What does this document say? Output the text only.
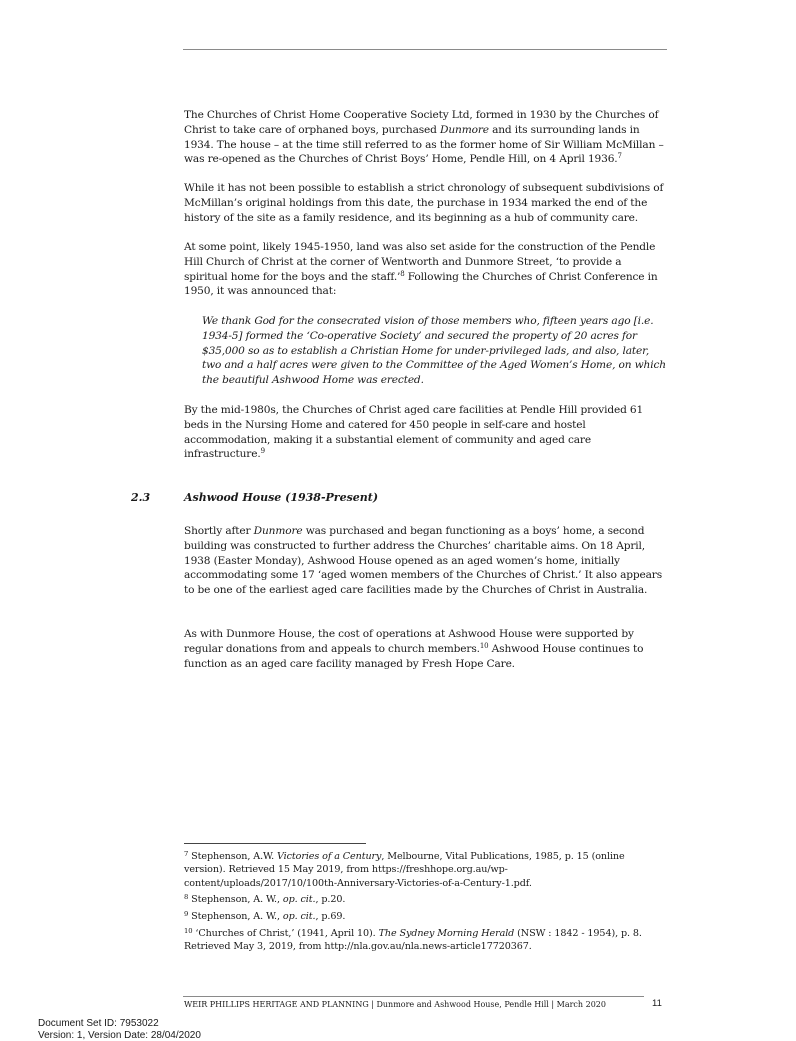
The Churches of Christ Home Cooperative Society Ltd, formed in 1930 by the Churches of Christ to take care of orphaned boys, purchased Dunmore and its surrounding lands in 1934. The house – at the time still referred to as the former home of Sir William McMillan – was re-opened as the Churches of Christ Boys’ Home, Pendle Hill, on 4 April 1936.$^7$

While it has not been possible to establish a strict chronology of subsequent subdivisions of McMillan’s original holdings from this date, the purchase in 1934 marked the end of the history of the site as a family residence, and its beginning as a hub of community care.

At some point, likely 1945-1950, land was also set aside for the construction of the Pendle Hill Church of Christ at the corner of Wentworth and Dunmore Street, ‘to provide a spiritual home for the boys and the staff.’$^8$ Following the Churches of Christ Conference in 1950, it was announced that:

We thank God for the consecrated vision of those members who, fifteen years ago [i.e. 1934-5] formed the ‘Co-operative Society’ and secured the property of 20 acres for $35,000 so as to establish a Christian Home for under-privileged lads, and also, later, two and a half acres were given to the Committee of the Aged Women’s Home, on which the beautiful Ashwood Home was erected.

By the mid-1980s, the Churches of Christ aged care facilities at Pendle Hill provided 61 beds in the Nursing Home and catered for 450 people in self-care and hostel accommodation, making it a substantial element of community and aged care infrastructure.$^9$

2.3	Ashwood House (1938-Present)

Shortly after Dunmore was purchased and began functioning as a boys’ home, a second building was constructed to further address the Churches’ charitable aims. On 18 April, 1938 (Easter Monday), Ashwood House opened as an aged women’s home, initially accommodating some 17 ‘aged women members of the Churches of Christ.’ It also appears to be one of the earliest aged care facilities made by the Churches of Christ in Australia.

As with Dunmore House, the cost of operations at Ashwood House were supported by regular donations from and appeals to church members.$^{10}$ Ashwood House continues to function as an aged care facility managed by Fresh Hope Care.

$^7$ Stephenson, A.W. Victories of a Century, Melbourne, Vital Publications, 1985, p. 15 (online version). Retrieved 15 May 2019, from https://freshhope.org.au/wp-content/uploads/2017/10/100th-Anniversary-Victories-of-a-Century-1.pdf.
$^8$ Stephenson, A. W., op. cit., p.20.
$^9$ Stephenson, A. W., op. cit., p.69.
$^{10}$ ‘Churches of Christ,’ (1941, April 10). The Sydney Morning Herald (NSW : 1842 - 1954), p. 8. Retrieved May 3, 2019, from http://nla.gov.au/nla.news-article17720367.
WEIR PHILLIPS HERITAGE AND PLANNING | Dunmore and Ashwood House, Pendle Hill | March 2020	11
Document Set ID: 7953022
Version: 1, Version Date: 28/04/2020
